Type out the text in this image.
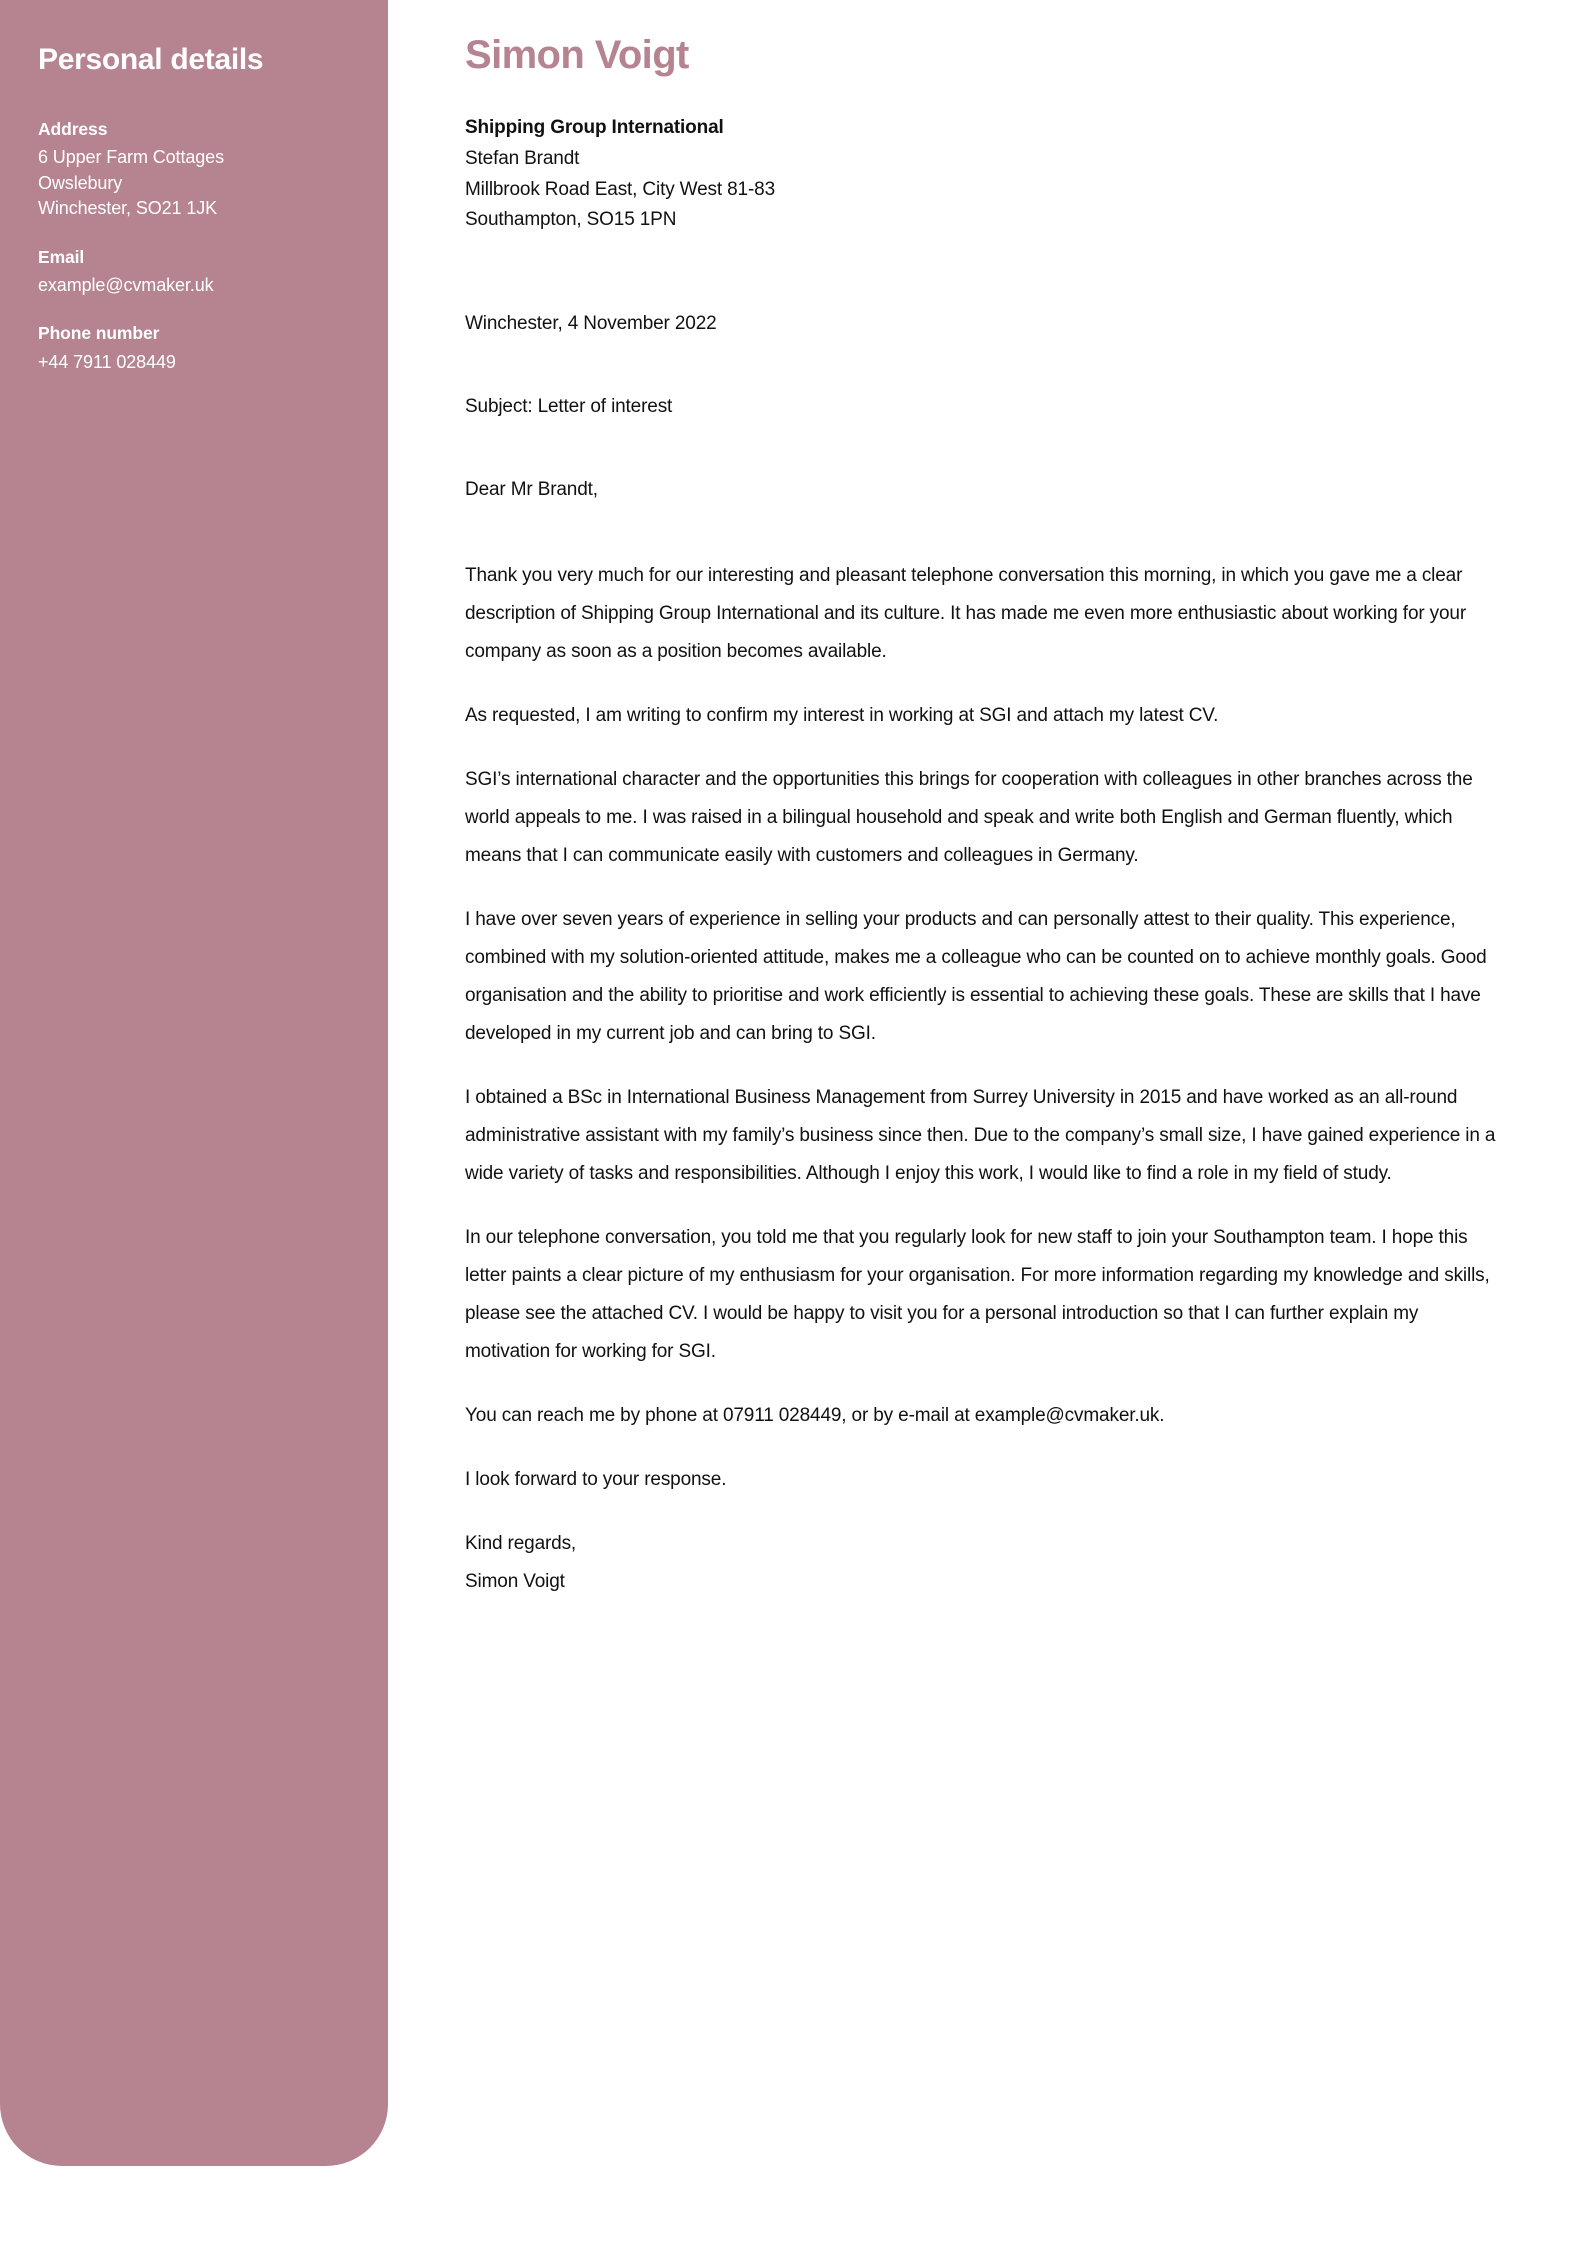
Personal details
Address
6 Upper Farm Cottages
Owslebury
Winchester, SO21 1JK
Email
example@cvmaker.uk
Phone number
+44 7911 028449
Simon Voigt
Shipping Group International
Stefan Brandt
Millbrook Road East, City West 81-83
Southampton, SO15 1PN
Winchester, 4 November 2022
Subject: Letter of interest
Dear Mr Brandt,

Thank you very much for our interesting and pleasant telephone conversation this morning, in which you gave me a clear description of Shipping Group International and its culture. It has made me even more enthusiastic about working for your company as soon as a position becomes available.

As requested, I am writing to confirm my interest in working at SGI and attach my latest CV.

SGI’s international character and the opportunities this brings for cooperation with colleagues in other branches across the world appeals to me. I was raised in a bilingual household and speak and write both English and German fluently, which means that I can communicate easily with customers and colleagues in Germany.

I have over seven years of experience in selling your products and can personally attest to their quality. This experience, combined with my solution-oriented attitude, makes me a colleague who can be counted on to achieve monthly goals. Good organisation and the ability to prioritise and work efficiently is essential to achieving these goals. These are skills that I have developed in my current job and can bring to SGI.

I obtained a BSc in International Business Management from Surrey University in 2015 and have worked as an all-round administrative assistant with my family’s business since then. Due to the company’s small size, I have gained experience in a wide variety of tasks and responsibilities. Although I enjoy this work, I would like to find a role in my field of study.

In our telephone conversation, you told me that you regularly look for new staff to join your Southampton team. I hope this letter paints a clear picture of my enthusiasm for your organisation. For more information regarding my knowledge and skills, please see the attached CV. I would be happy to visit you for a personal introduction so that I can further explain my motivation for working for SGI.

You can reach me by phone at 07911 028449, or by e-mail at example@cvmaker.uk.
I look forward to your response.
Kind regards,
Simon Voigt
